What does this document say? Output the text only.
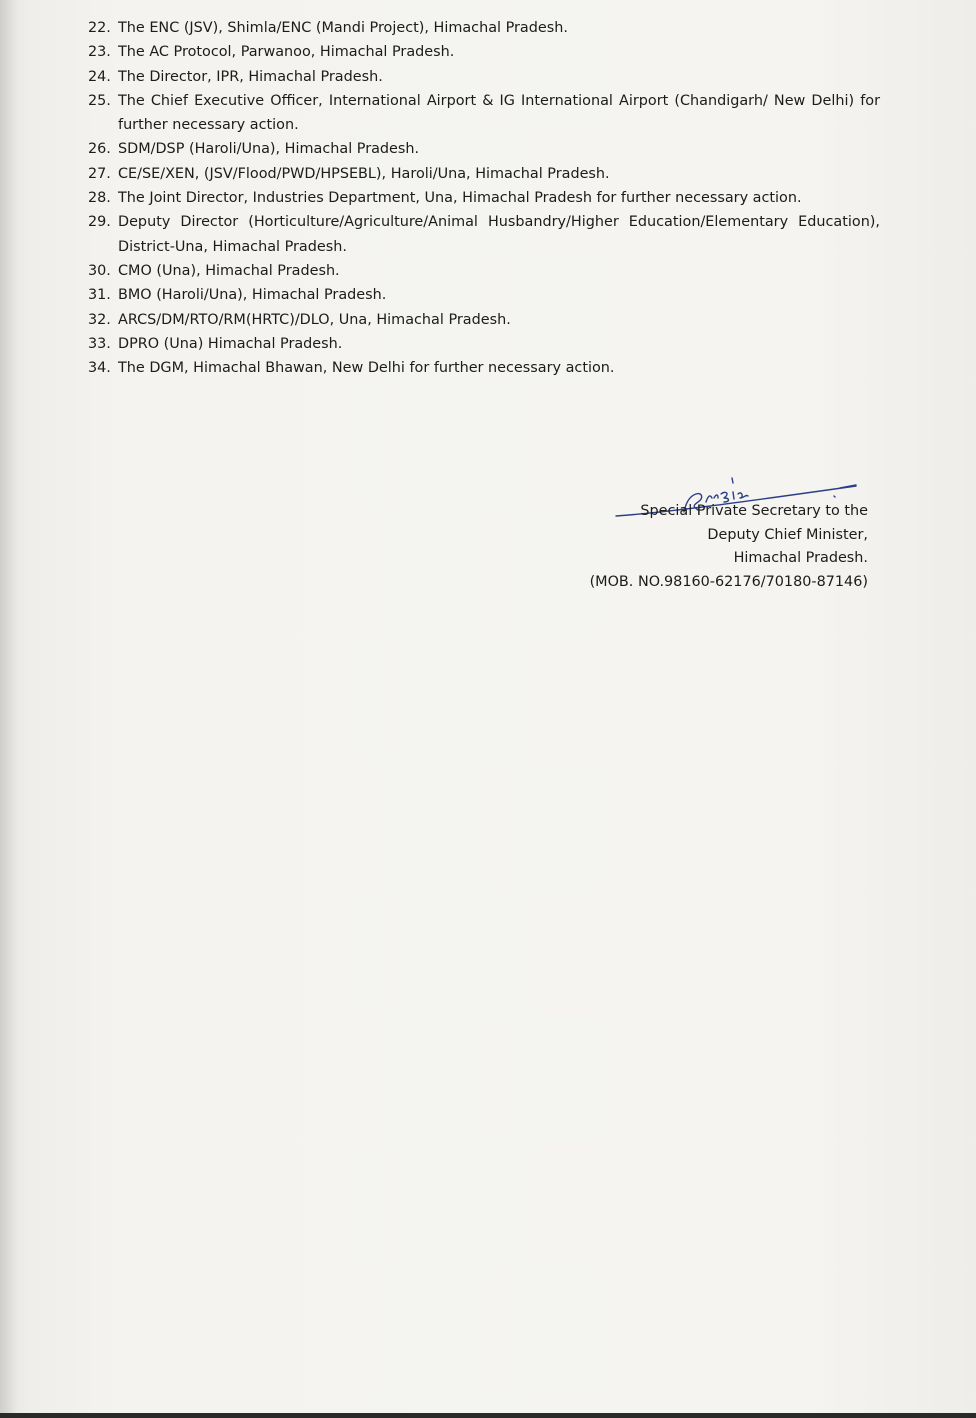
22. The ENC (JSV), Shimla/ENC (Mandi Project), Himachal Pradesh.
23. The AC Protocol, Parwanoo, Himachal Pradesh.
24. The Director, IPR, Himachal Pradesh.
25. The Chief Executive Officer, International Airport & IG International Airport (Chandigarh/ New Delhi) for further necessary action.
26. SDM/DSP (Haroli/Una), Himachal Pradesh.
27. CE/SE/XEN, (JSV/Flood/PWD/HPSEBL), Haroli/Una, Himachal Pradesh.
28. The Joint Director, Industries Department, Una, Himachal Pradesh for further necessary action.
29. Deputy Director (Horticulture/Agriculture/Animal Husbandry/Higher Education/Elementary Education), District-Una, Himachal Pradesh.
30. CMO (Una), Himachal Pradesh.
31. BMO (Haroli/Una), Himachal Pradesh.
32. ARCS/DM/RTO/RM(HRTC)/DLO, Una, Himachal Pradesh.
33. DPRO (Una) Himachal Pradesh.
34. The DGM, Himachal Bhawan, New Delhi for further necessary action.
Special Private Secretary to the
Deputy Chief Minister,
Himachal Pradesh.
(MOB. NO.98160-62176/70180-87146)
